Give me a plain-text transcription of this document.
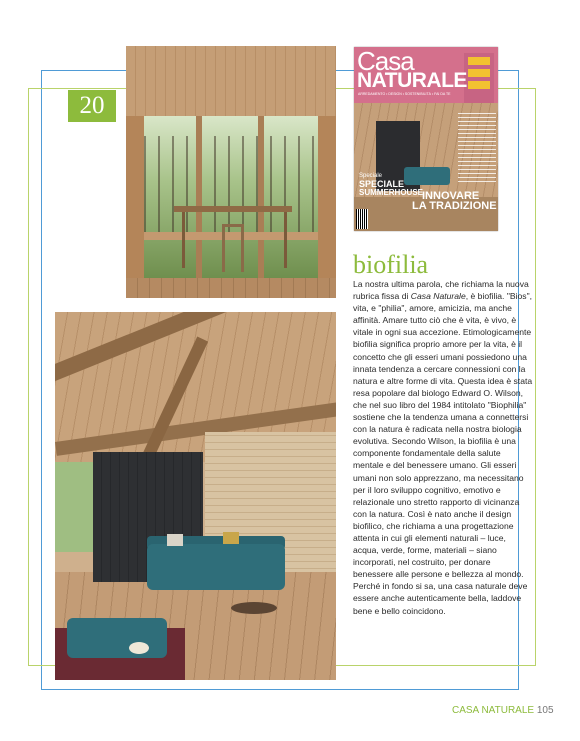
20
Casa
NATURALE
ARREDAMENTO • DESIGN • SOSTENIBILITÀ • FAI DA TE
Speciale
SPECIALE
SUMMERHOUSE
INNOVARE
LA TRADIZIONE
biofilia

La nostra ultima parola, che richiama la nuova rubrica fissa di Casa Naturale, è biofilia. "Bios", vita, e "philia", amore, amicizia, ma anche affinità. Amare tutto ciò che è vita, è vivo, è vitale in ogni sua accezione. Etimologicamente biofilia significa proprio amore per la vita, è il concetto che gli esseri umani possiedono una innata tendenza a cercare connessioni con la natura e altre forme di vita. Questa idea è stata resa popolare dal biologo Edward O. Wilson, che nel suo libro del 1984 intitolato "Biophilia" sostiene che la tendenza umana a connettersi con la natura è radicata nella nostra biologia evolutiva. Secondo Wilson, la biofilia è una componente fondamentale della salute mentale e del benessere umano. Gli esseri umani non solo apprezzano, ma necessitano per il loro sviluppo cognitivo, emotivo e relazionale uno stretto rapporto di vicinanza con la natura. Così è nato anche il design biofilico, che richiama a una progettazione attenta in cui gli elementi naturali – luce, acqua, verde, forme, materiali – siano incorporati, nel costruito, per donare benessere alle persone e bellezza al mondo. Perché in fondo si sa, una casa naturale deve essere anche autenticamente bella, laddove bene e bello coincidono.

CASA NATURALE 105
